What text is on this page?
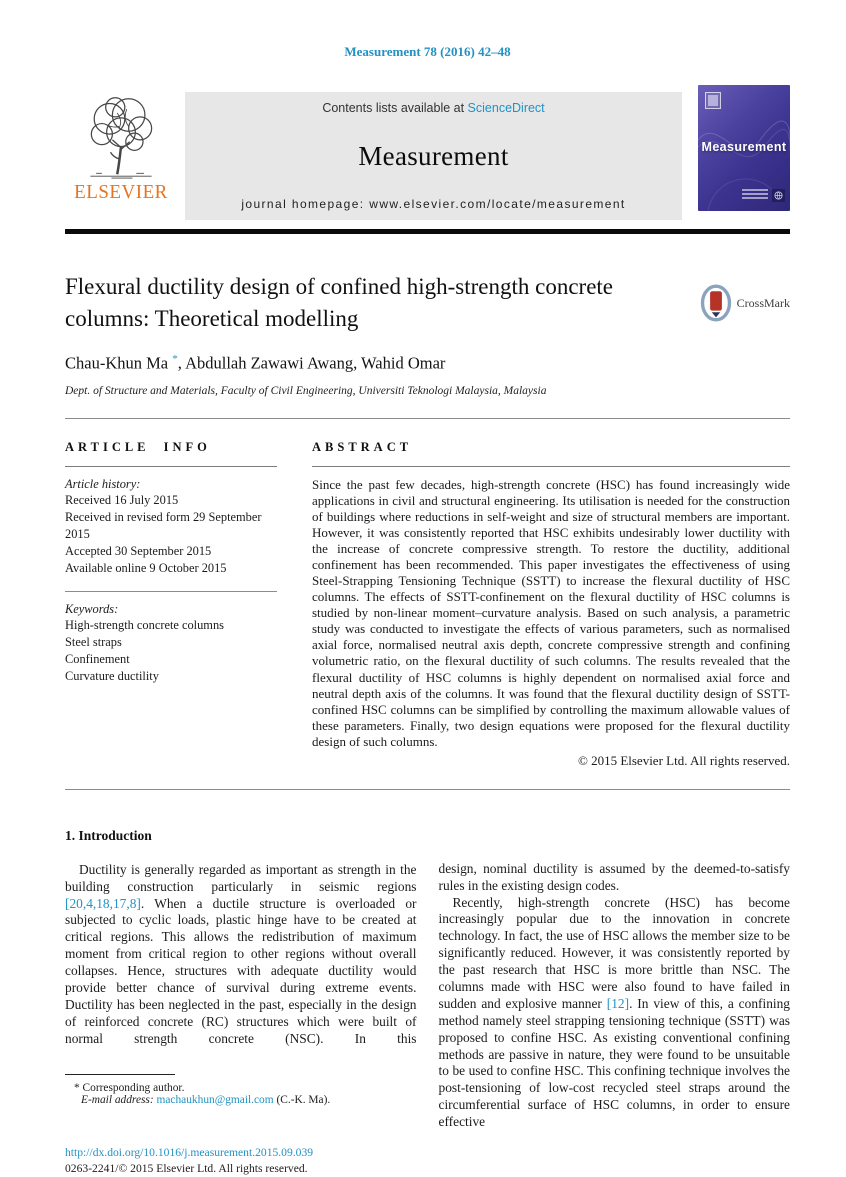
Measurement 78 (2016) 42–48
ELSEVIER
Contents lists available at ScienceDirect
Measurement
journal homepage: www.elsevier.com/locate/measurement
Measurement
Flexural ductility design of confined high-strength concrete columns: Theoretical modelling
CrossMark
Chau-Khun Ma *, Abdullah Zawawi Awang, Wahid Omar
Dept. of Structure and Materials, Faculty of Civil Engineering, Universiti Teknologi Malaysia, Malaysia
ARTICLE INFO
Article history:
Received 16 July 2015
Received in revised form 29 September 2015
Accepted 30 September 2015
Available online 9 October 2015
Keywords:
High-strength concrete columns
Steel straps
Confinement
Curvature ductility
ABSTRACT
Since the past few decades, high-strength concrete (HSC) has found increasingly wide applications in civil and structural engineering. Its utilisation is needed for the construction of buildings where reductions in self-weight and size of structural members are important. However, it was consistently reported that HSC exhibits undesirably lower ductility with the increase of concrete compressive strength. To restore the ductility, additional confinement has been recommended. This paper investigates the effectiveness of using Steel-Strapping Tensioning Technique (SSTT) to increase the flexural ductility of HSC columns. The effects of SSTT-confinement on the flexural ductility of HSC columns is studied by non-linear moment–curvature analysis. Based on such analysis, a parametric study was conducted to investigate the effects of various parameters, such as normalised axial force, normalised neutral axis depth, concrete compressive strength and confining volumetric ratio, on the flexural ductility of such columns. The results revealed that the flexural ductility of HSC columns is highly dependent on normalised axial force and neutral depth axis of the columns. It was found that the flexural ductility design of SSTT-confined HSC columns can be simplified by controlling the maximum allowable values of these parameters. Finally, two design equations were proposed for the flexural ductility design of such columns.
© 2015 Elsevier Ltd. All rights reserved.
1. Introduction

Ductility is generally regarded as important as strength in the building construction particularly in seismic regions [20,4,18,17,8]. When a ductile structure is overloaded or subjected to cyclic loads, plastic hinge have to be created at critical regions. This allows the redistribution of maximum moment from critical region to other regions without overall collapses. Hence, structures with adequate ductility would provide better chance of survival during extreme events. Ductility has been neglected in the past, especially in the design of reinforced concrete (RC) structures which were built of normal strength concrete (NSC). In this

* Corresponding author.
E-mail address: machaukhun@gmail.com (C.-K. Ma).

design, nominal ductility is assumed by the deemed-to-satisfy rules in the existing design codes.

Recently, high-strength concrete (HSC) has become increasingly popular due to the innovation in concrete technology. In fact, the use of HSC allows the member size to be significantly reduced. However, it was consistently reported by the past research that HSC is more brittle than NSC. The columns made with HSC were also found to have failed in sudden and explosive manner [12]. In view of this, a confining method namely steel strapping tensioning technique (SSTT) was proposed to confine HSC. As existing conventional confining methods are passive in nature, they were found to be unsuitable to be used to confine HSC. This confining technique involves the post-tensioning of low-cost recycled steel straps around the circumferential surface of HSC columns, in order to ensure effective

http://dx.doi.org/10.1016/j.measurement.2015.09.039
0263-2241/© 2015 Elsevier Ltd. All rights reserved.
